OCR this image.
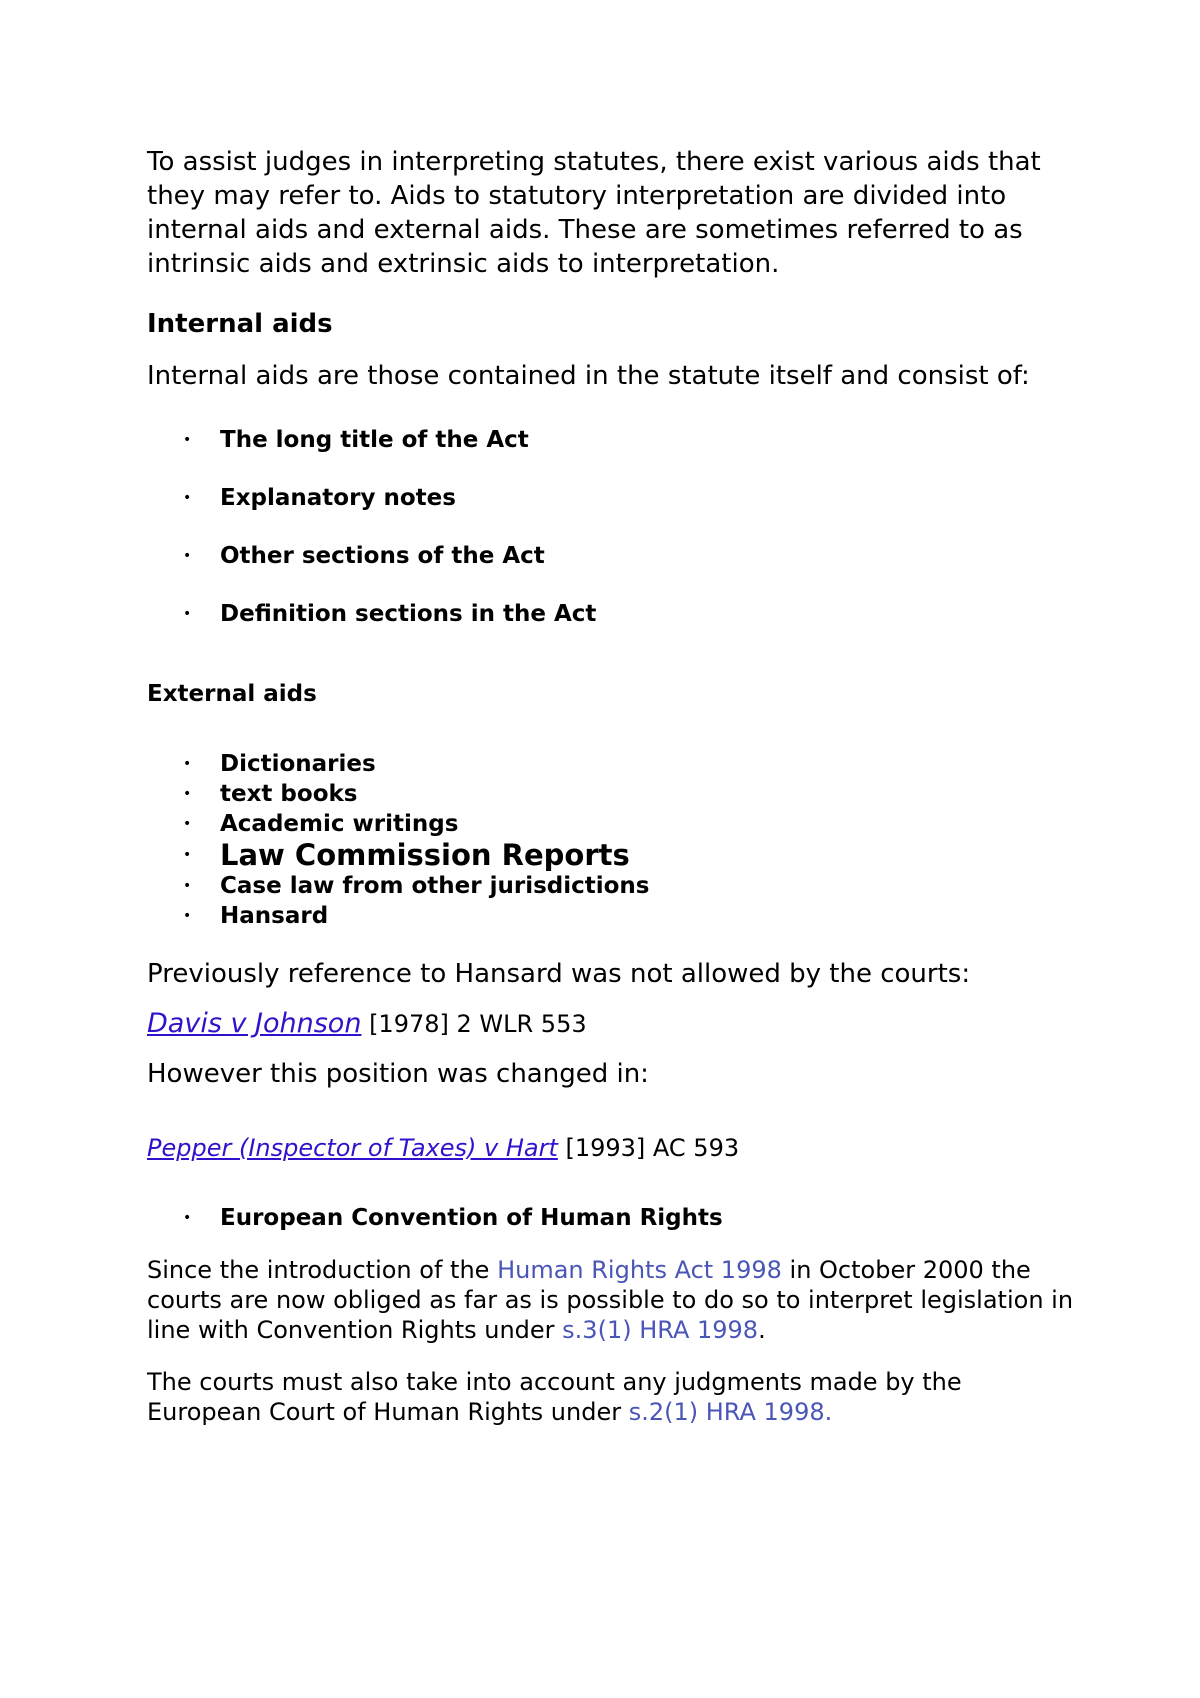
To assist judges in interpreting statutes, there exist various aids that they may refer to. Aids to statutory interpretation are divided into internal aids and external aids. These are sometimes referred to as intrinsic aids and extrinsic aids to interpretation.

Internal aids

Internal aids are those contained in the statute itself and consist of:

• The long title of the Act
• Explanatory notes
• Other sections of the Act
• Definition sections in the Act
External aids
• Dictionaries
• text books
• Academic writings
• Law Commission Reports
• Case law from other jurisdictions
• Hansard

Previously reference to Hansard was not allowed by the courts:

Davis v Johnson [1978] 2 WLR 553

However this position was changed in:

Pepper (Inspector of Taxes) v Hart [1993] AC 593

• European Convention of Human Rights

Since the introduction of the Human Rights Act 1998 in October 2000 the courts are now obliged as far as is possible to do so to interpret legislation in line with Convention Rights under s.3(1) HRA 1998.

The courts must also take into account any judgments made by the European Court of Human Rights under s.2(1) HRA 1998.
